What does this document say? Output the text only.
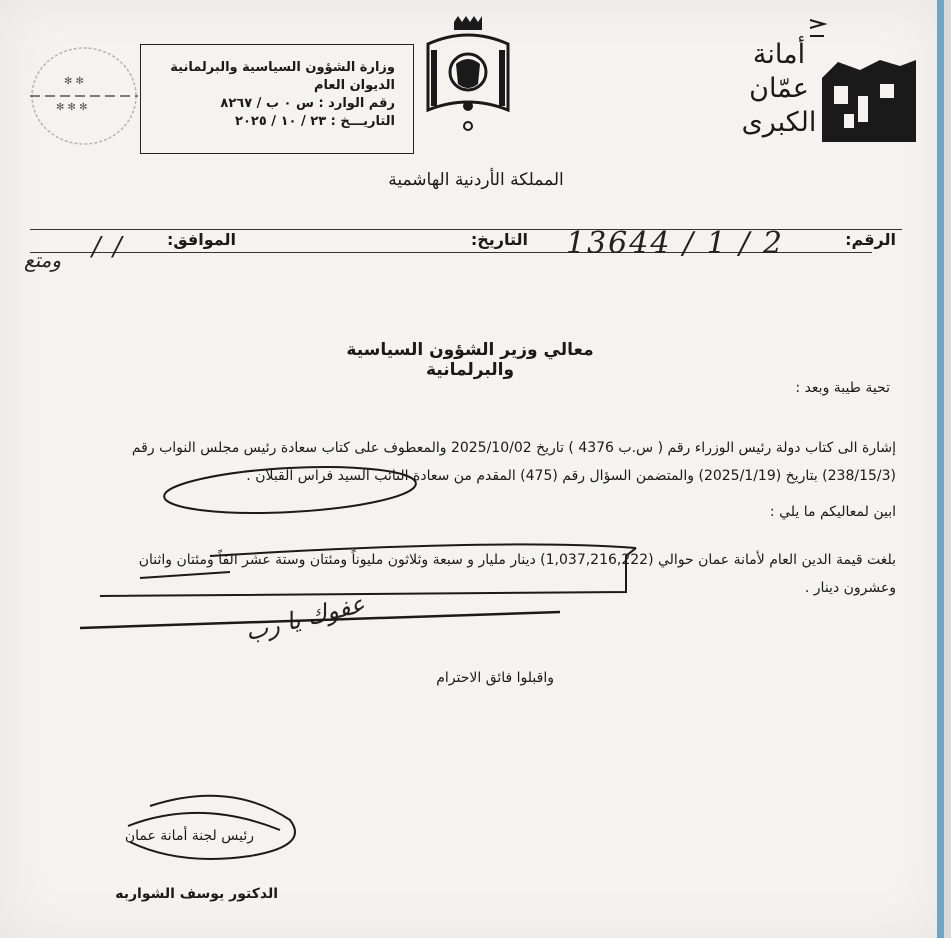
أمانة
عمّان
الكبرى
وزارة الشؤون السياسية والبرلمانية
الديوان العام
رقم الوارد : س ٠ ب / ٨٢٦٧
التاريـــخ : ٢٣ / ١٠ / ٢٠٢٥
✻ ✻
✻ ✻ ✻
المملكة الأردنية الهاشمية
الرقم:
التاريخ:
الموافق:	13644 / 1 / 2
/ /
ومتع
معالي وزير الشؤون السياسية والبرلمانية
تحية طيبة وبعد :
إشارة الى كتاب دولة رئيس الوزراء رقم ( س.ب 4376 ) تاريخ 2025/10/02 والمعطوف على كتاب سعادة رئيس مجلس النواب رقم
(238/15/3) بتاريخ (2025/1/19) والمتضمن السؤال رقم (475) المقدم من سعادة النائب السيد فراس القبلان .
ابين لمعاليكم ما يلي :
بلغت قيمة الدين العام لأمانة عمان حوالي (1,037,216,222) دينار مليار و سبعة وثلاثون مليوناً ومئتان وستة عشر الفاً ومئتان واثنان
وعشرون دينار .
عفوك يا رب
واقبلوا فائق الاحترام
رئيس لجنة أمانة عمان
الدكتور يوسف الشواربه
